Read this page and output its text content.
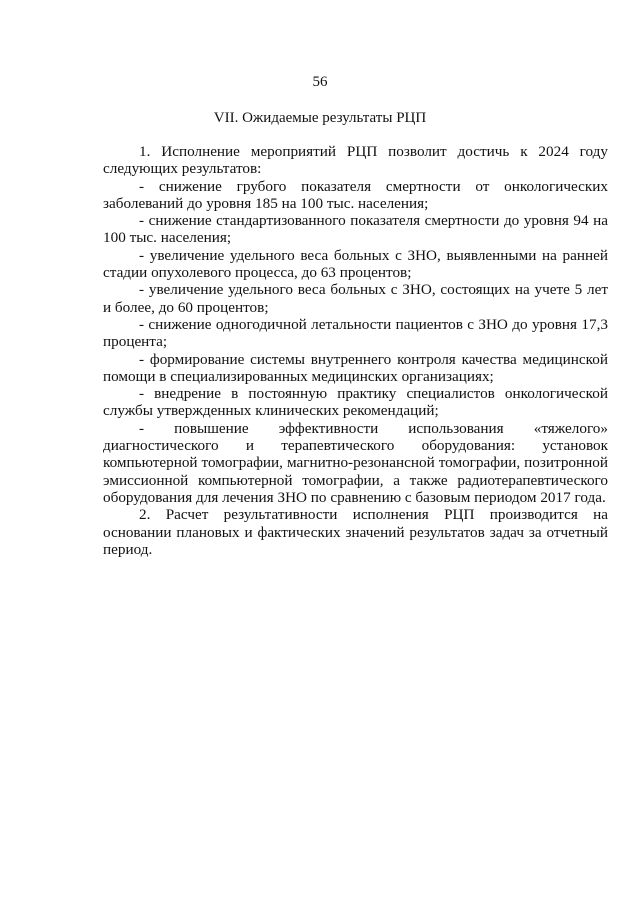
56
VII. Ожидаемые результаты РЦП

1. Исполнение мероприятий РЦП позволит достичь к 2024 году следующих результатов:

- снижение грубого показателя смертности от онкологических заболеваний до уровня 185 на 100 тыс. населения;

- снижение стандартизованного показателя смертности до уровня 94 на 100 тыс. населения;

- увеличение удельного веса больных с ЗНО, выявленными на ранней стадии опухолевого процесса, до 63 процентов;

- увеличение удельного веса больных с ЗНО, состоящих на учете 5 лет и более, до 60 процентов;

- снижение одногодичной летальности пациентов с ЗНО до уровня 17,3 процента;

- формирование системы внутреннего контроля качества медицинской помощи в специализированных медицинских организациях;

- внедрение в постоянную практику специалистов онкологической службы утвержденных клинических рекомендаций;

- повышение эффективности использования «тяжелого» диагностического и терапевтического оборудования: установок компьютерной томографии, магнитно-резонансной томографии, позитронной эмиссионной компьютерной томографии, а также радиотерапевтического оборудования для лечения ЗНО по сравнению с базовым периодом 2017 года.

2. Расчет результативности исполнения РЦП производится на основании плановых и фактических значений результатов задач за отчетный период.
